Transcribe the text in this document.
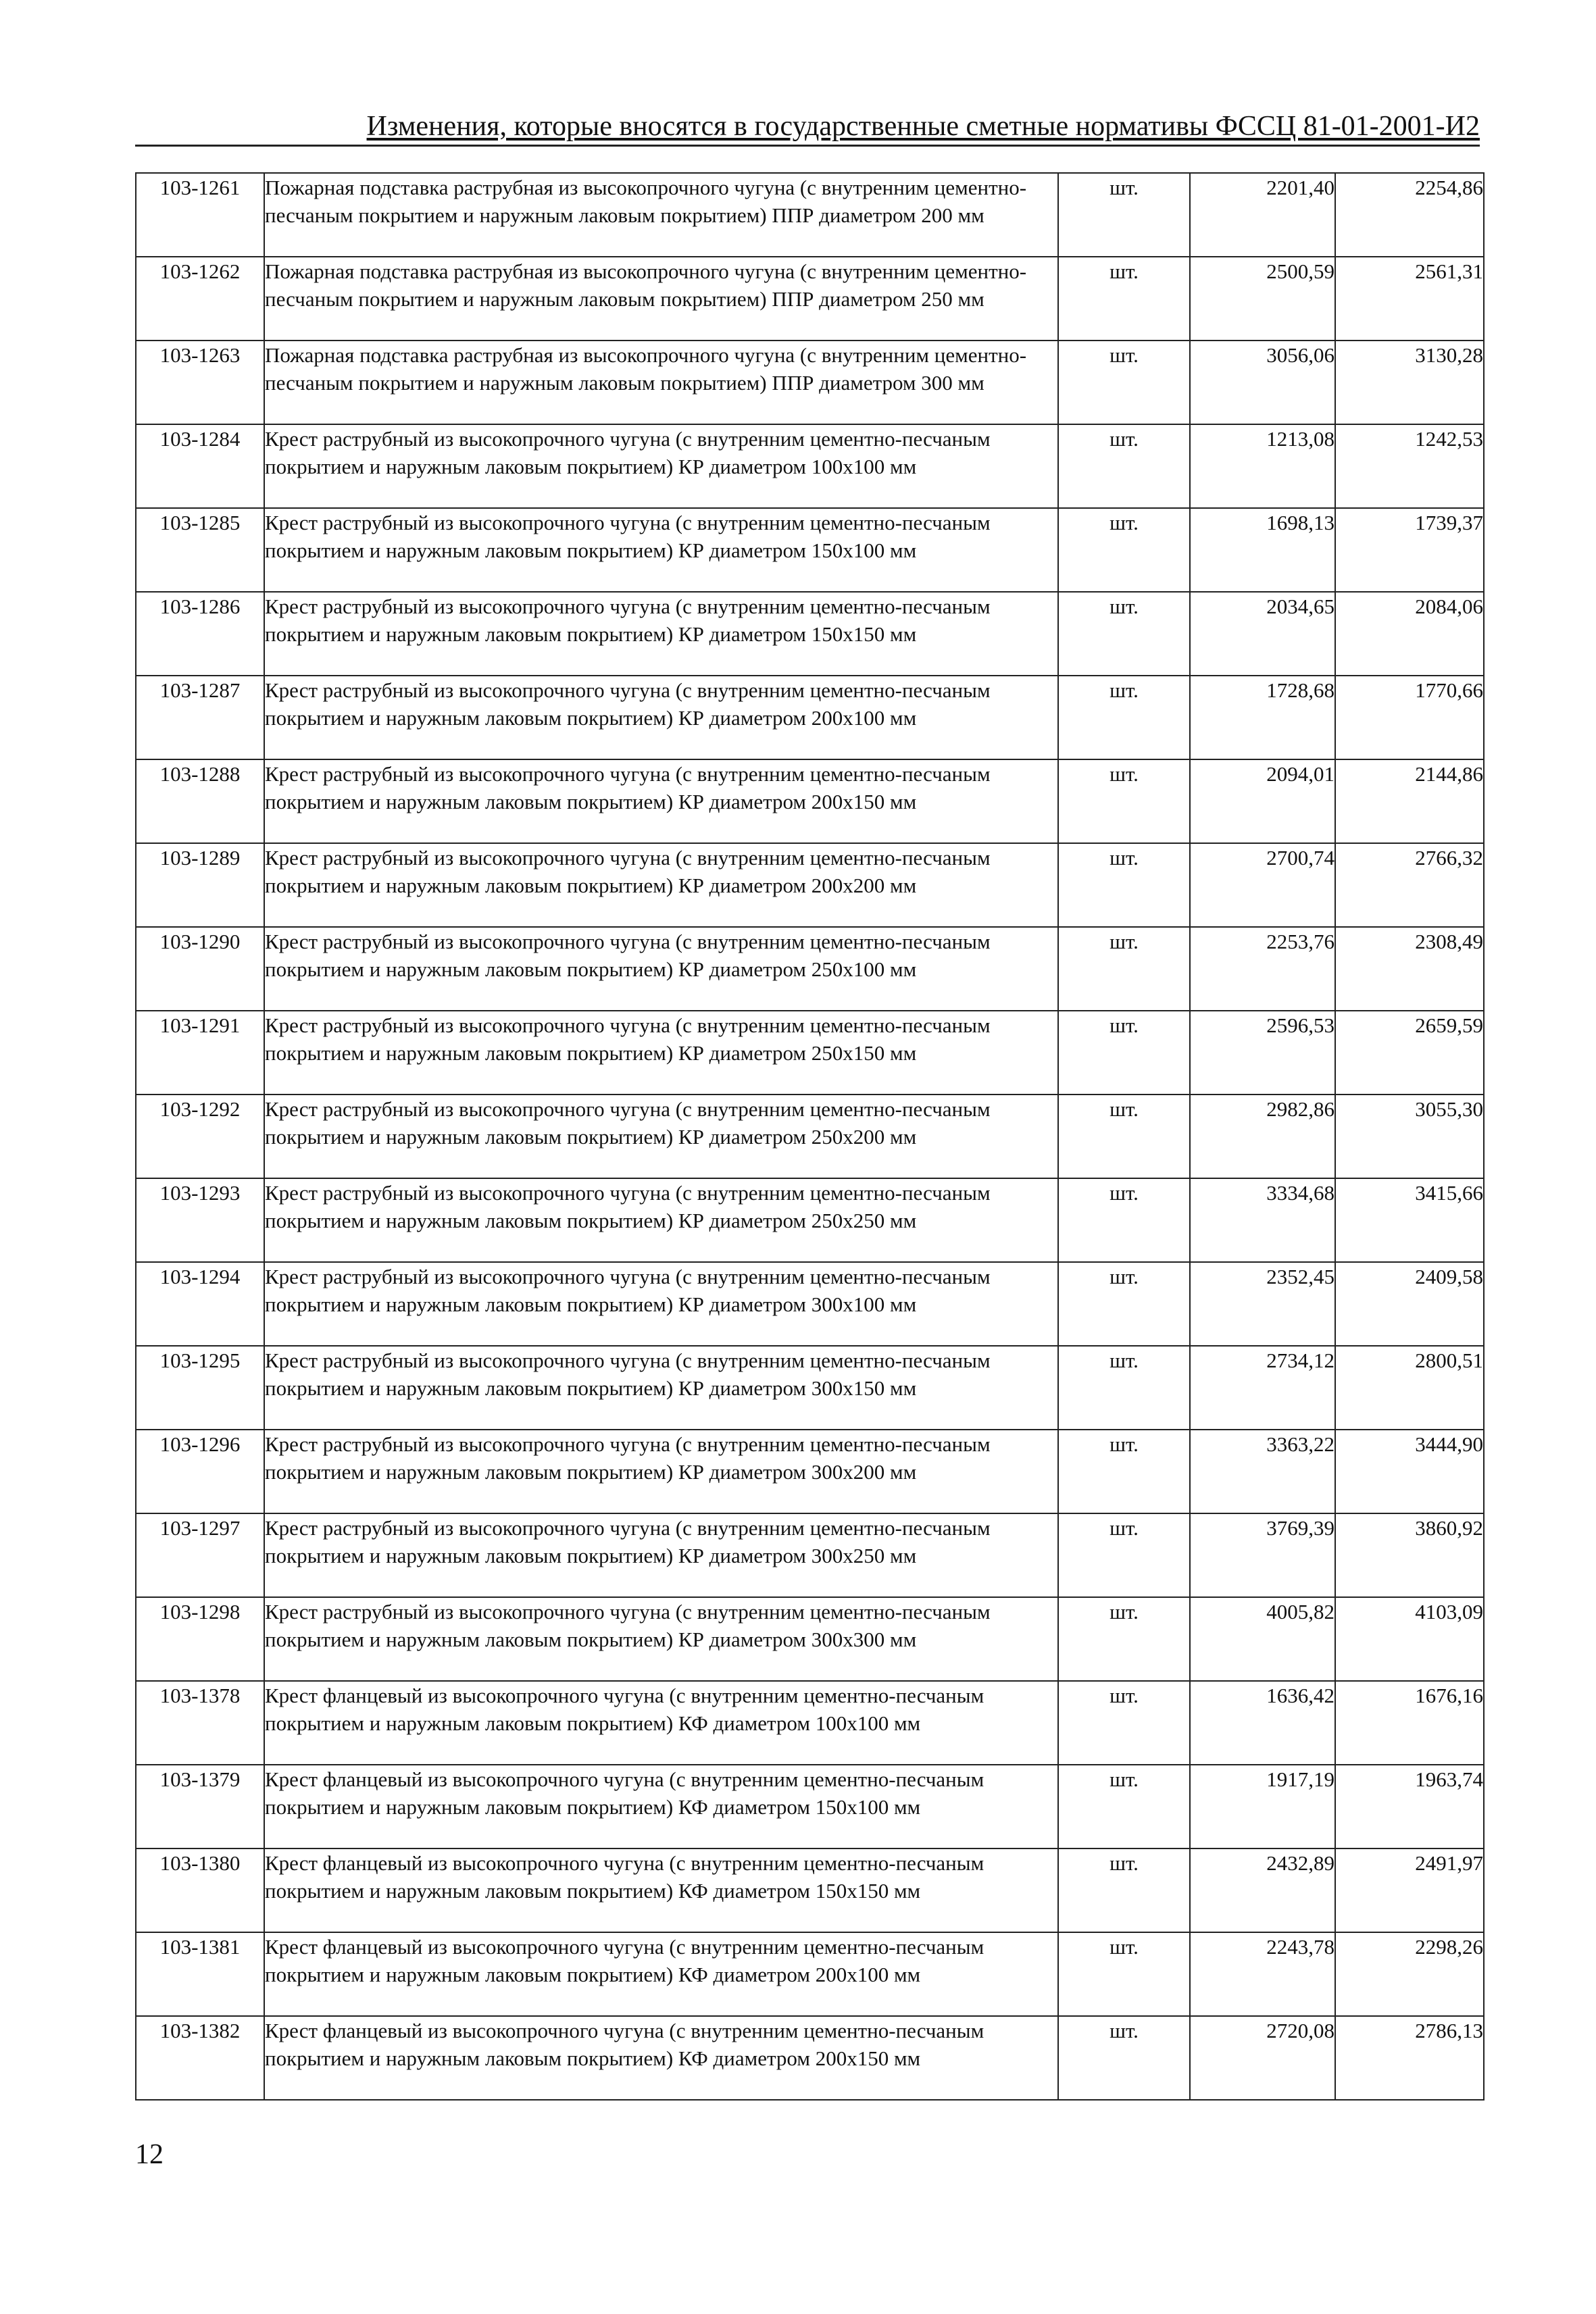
Изменения, которые вносятся в государственные сметные нормативы ФССЦ 81-01-2001-И2
103-1261	Пожарная подставка раструбная из высокопрочного чугуна (с внутренним цементно-песчаным покрытием и наружным лаковым покрытием) ППР диаметром 200 мм	шт.	2201,40	2254,86
103-1262	Пожарная подставка раструбная из высокопрочного чугуна (с внутренним цементно-песчаным покрытием и наружным лаковым покрытием) ППР диаметром 250 мм	шт.	2500,59	2561,31
103-1263	Пожарная подставка раструбная из высокопрочного чугуна (с внутренним цементно-песчаным покрытием и наружным лаковым покрытием) ППР диаметром 300 мм	шт.	3056,06	3130,28
103-1284	Крест раструбный из высокопрочного чугуна (с внутренним цементно-песчаным покрытием и наружным лаковым покрытием) КР диаметром 100x100 мм	шт.	1213,08	1242,53
103-1285	Крест раструбный из высокопрочного чугуна (с внутренним цементно-песчаным покрытием и наружным лаковым покрытием) КР диаметром 150x100 мм	шт.	1698,13	1739,37
103-1286	Крест раструбный из высокопрочного чугуна (с внутренним цементно-песчаным покрытием и наружным лаковым покрытием) КР диаметром 150x150 мм	шт.	2034,65	2084,06
103-1287	Крест раструбный из высокопрочного чугуна (с внутренним цементно-песчаным покрытием и наружным лаковым покрытием) КР диаметром 200x100 мм	шт.	1728,68	1770,66
103-1288	Крест раструбный из высокопрочного чугуна (с внутренним цементно-песчаным покрытием и наружным лаковым покрытием) КР диаметром 200x150 мм	шт.	2094,01	2144,86
103-1289	Крест раструбный из высокопрочного чугуна (с внутренним цементно-песчаным покрытием и наружным лаковым покрытием) КР диаметром 200x200 мм	шт.	2700,74	2766,32
103-1290	Крест раструбный из высокопрочного чугуна (с внутренним цементно-песчаным покрытием и наружным лаковым покрытием) КР диаметром 250x100 мм	шт.	2253,76	2308,49
103-1291	Крест раструбный из высокопрочного чугуна (с внутренним цементно-песчаным покрытием и наружным лаковым покрытием) КР диаметром 250x150 мм	шт.	2596,53	2659,59
103-1292	Крест раструбный из высокопрочного чугуна (с внутренним цементно-песчаным покрытием и наружным лаковым покрытием) КР диаметром 250x200 мм	шт.	2982,86	3055,30
103-1293	Крест раструбный из высокопрочного чугуна (с внутренним цементно-песчаным покрытием и наружным лаковым покрытием) КР диаметром 250x250 мм	шт.	3334,68	3415,66
103-1294	Крест раструбный из высокопрочного чугуна (с внутренним цементно-песчаным покрытием и наружным лаковым покрытием) КР диаметром 300x100 мм	шт.	2352,45	2409,58
103-1295	Крест раструбный из высокопрочного чугуна (с внутренним цементно-песчаным покрытием и наружным лаковым покрытием) КР диаметром 300x150 мм	шт.	2734,12	2800,51
103-1296	Крест раструбный из высокопрочного чугуна (с внутренним цементно-песчаным покрытием и наружным лаковым покрытием) КР диаметром 300x200 мм	шт.	3363,22	3444,90
103-1297	Крест раструбный из высокопрочного чугуна (с внутренним цементно-песчаным покрытием и наружным лаковым покрытием) КР диаметром 300x250 мм	шт.	3769,39	3860,92
103-1298	Крест раструбный из высокопрочного чугуна (с внутренним цементно-песчаным покрытием и наружным лаковым покрытием) КР диаметром 300x300 мм	шт.	4005,82	4103,09
103-1378	Крест фланцевый из высокопрочного чугуна (с внутренним цементно-песчаным покрытием и наружным лаковым покрытием) КФ диаметром 100x100 мм	шт.	1636,42	1676,16
103-1379	Крест фланцевый из высокопрочного чугуна (с внутренним цементно-песчаным покрытием и наружным лаковым покрытием) КФ диаметром 150x100 мм	шт.	1917,19	1963,74
103-1380	Крест фланцевый из высокопрочного чугуна (с внутренним цементно-песчаным покрытием и наружным лаковым покрытием) КФ диаметром 150x150 мм	шт.	2432,89	2491,97
103-1381	Крест фланцевый из высокопрочного чугуна (с внутренним цементно-песчаным покрытием и наружным лаковым покрытием) КФ диаметром 200x100 мм	шт.	2243,78	2298,26
103-1382	Крест фланцевый из высокопрочного чугуна (с внутренним цементно-песчаным покрытием и наружным лаковым покрытием) КФ диаметром 200x150 мм	шт.	2720,08	2786,13
12
